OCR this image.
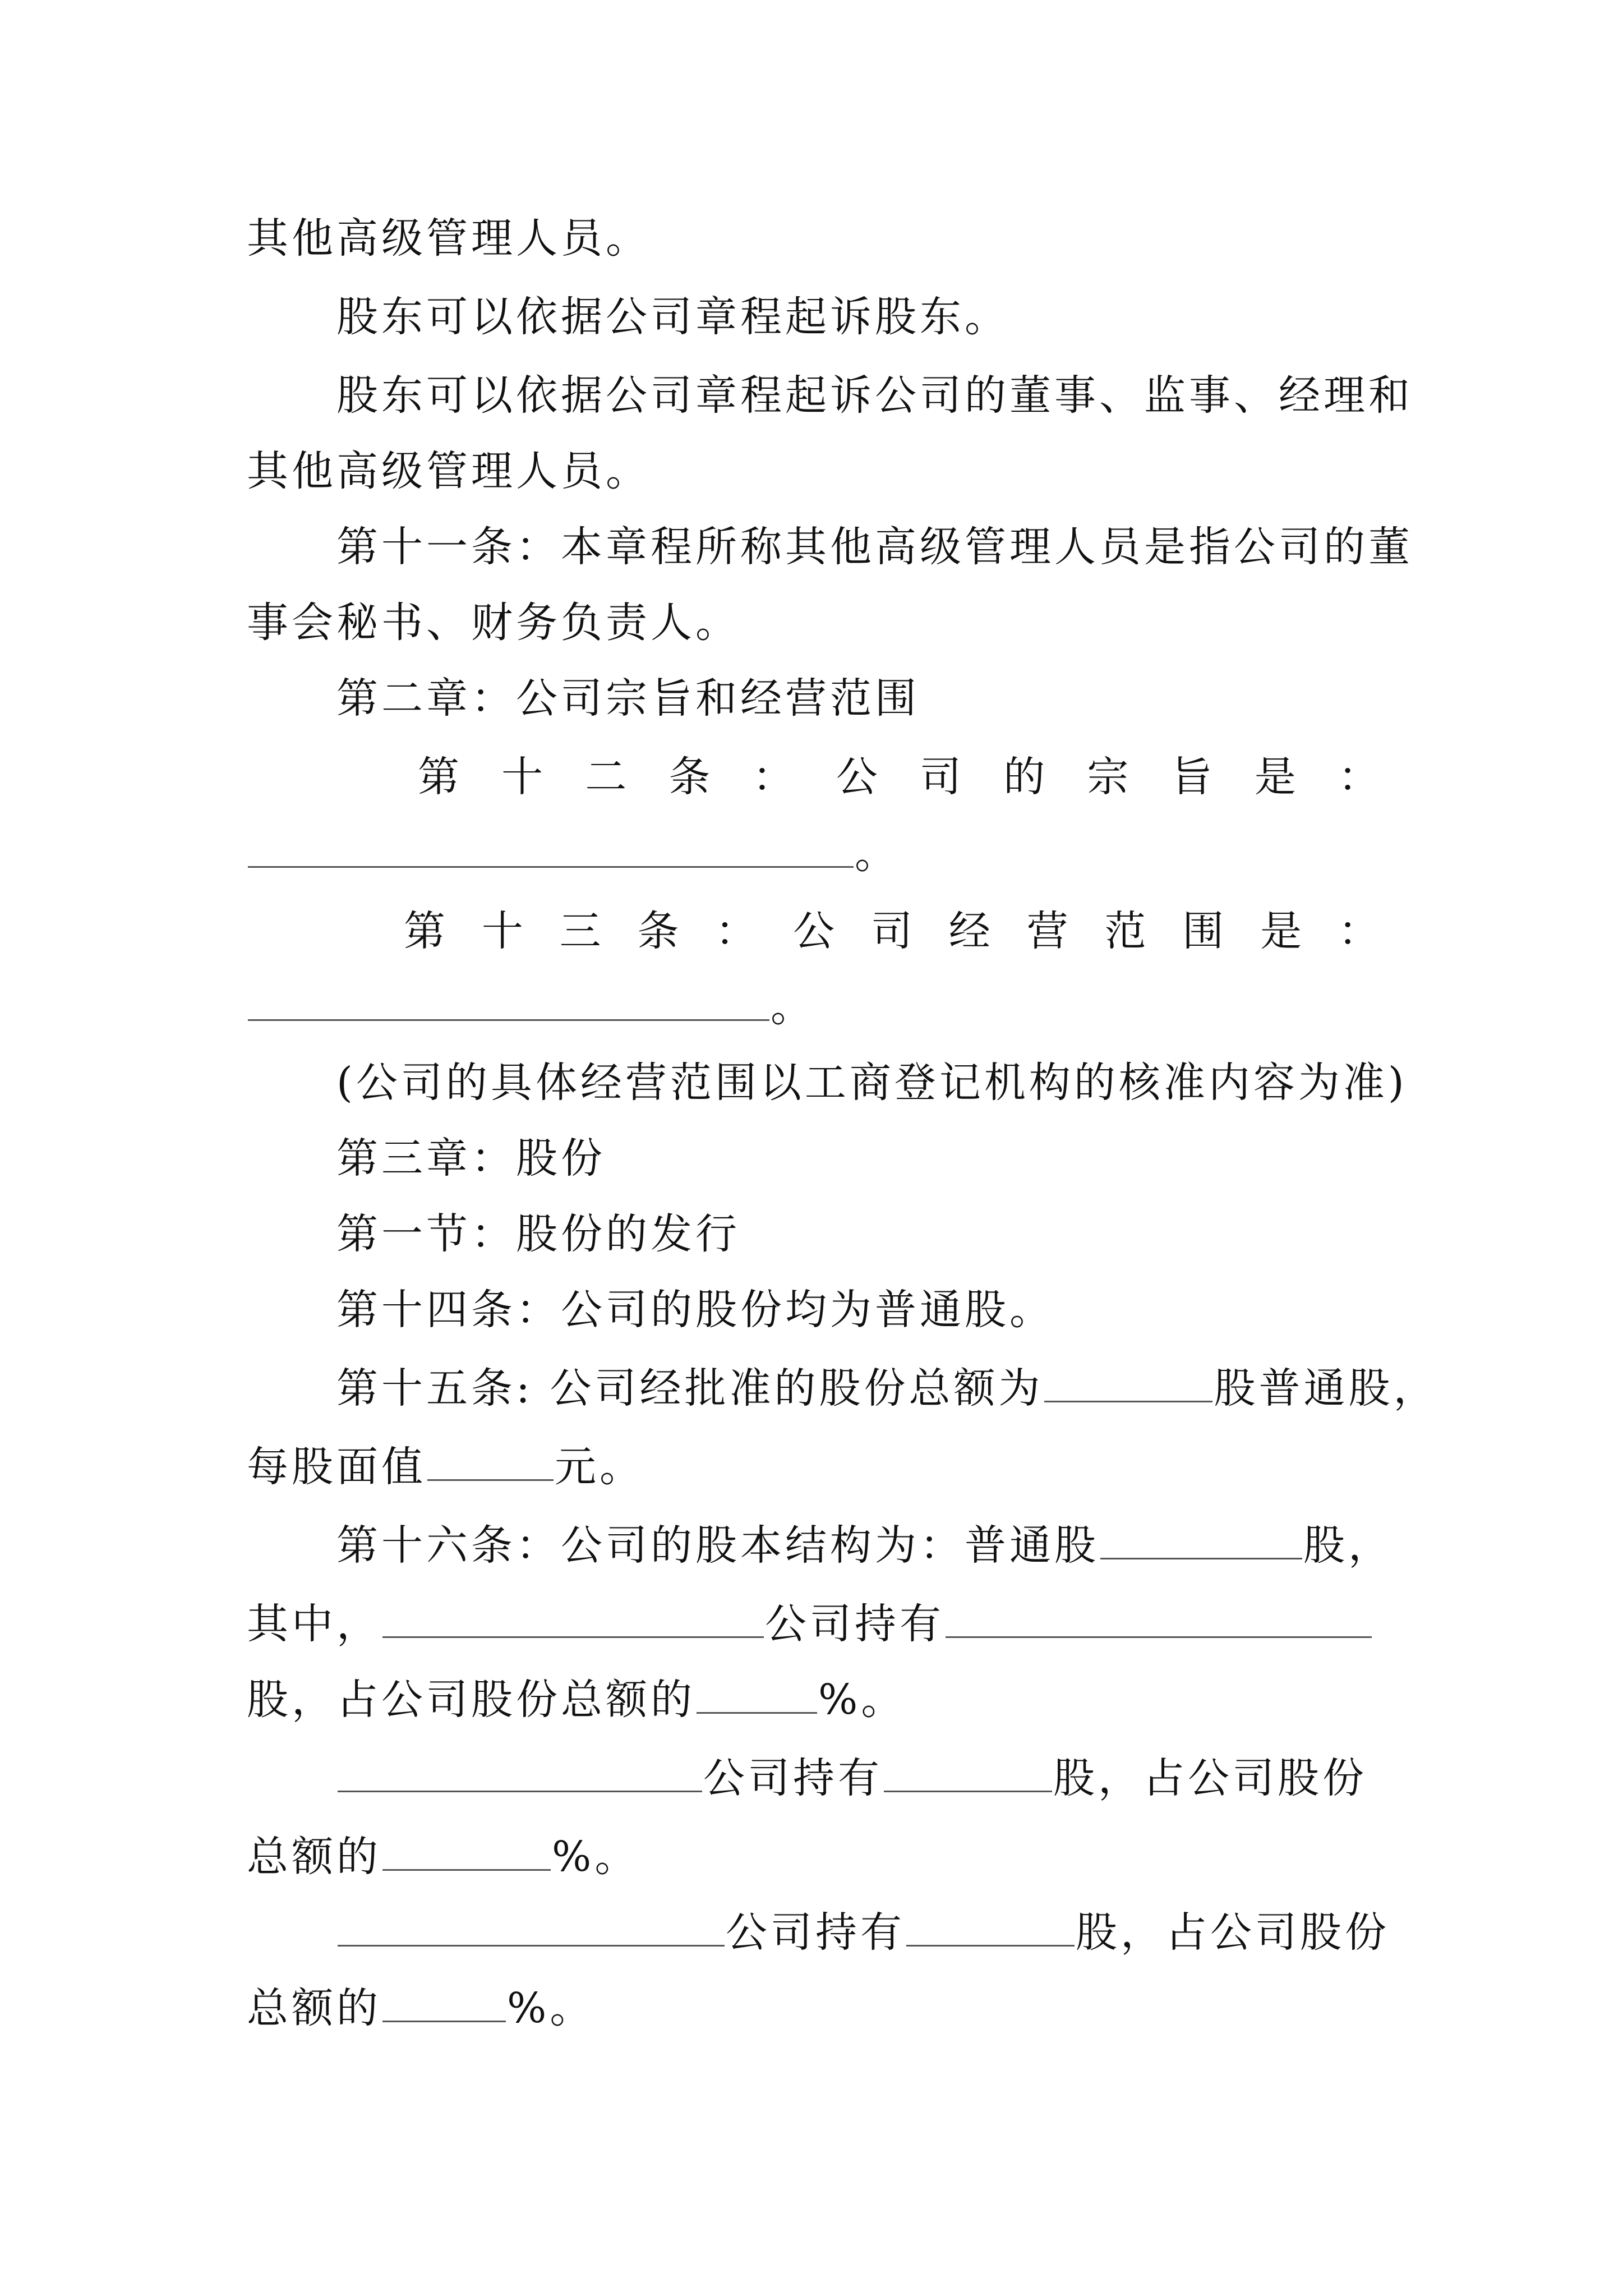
其他高级管理人员。
股东可以依据公司章程起诉股东。
股东可以依据公司章程起诉公司的董事、监事、经理和
其他高级管理人员。
第十一条：本章程所称其他高级管理人员是指公司的董
事会秘书、财务负责人。
第二章：公司宗旨和经营范围
第 十 二 条 ： 公 司 的 宗 旨 是 ：
。
第 十 三 条 ： 公 司 经 营 范 围 是 ：
。
(公司的具体经营范围以工商登记机构的核准内容为准)
第三章：股份
第一节：股份的发行
第十四条：公司的股份均为普通股。
第十五条: 公司经批准的股份总额为	股普通股，
每股面值	元。
第十六条：公司的股本结构为：普通股	股，
其中，	公司持有
股，占公司股份总额的	%。
公司持有	股，占公司股份
总额的	%。
公司持有	股，占公司股份
总额的	%。
